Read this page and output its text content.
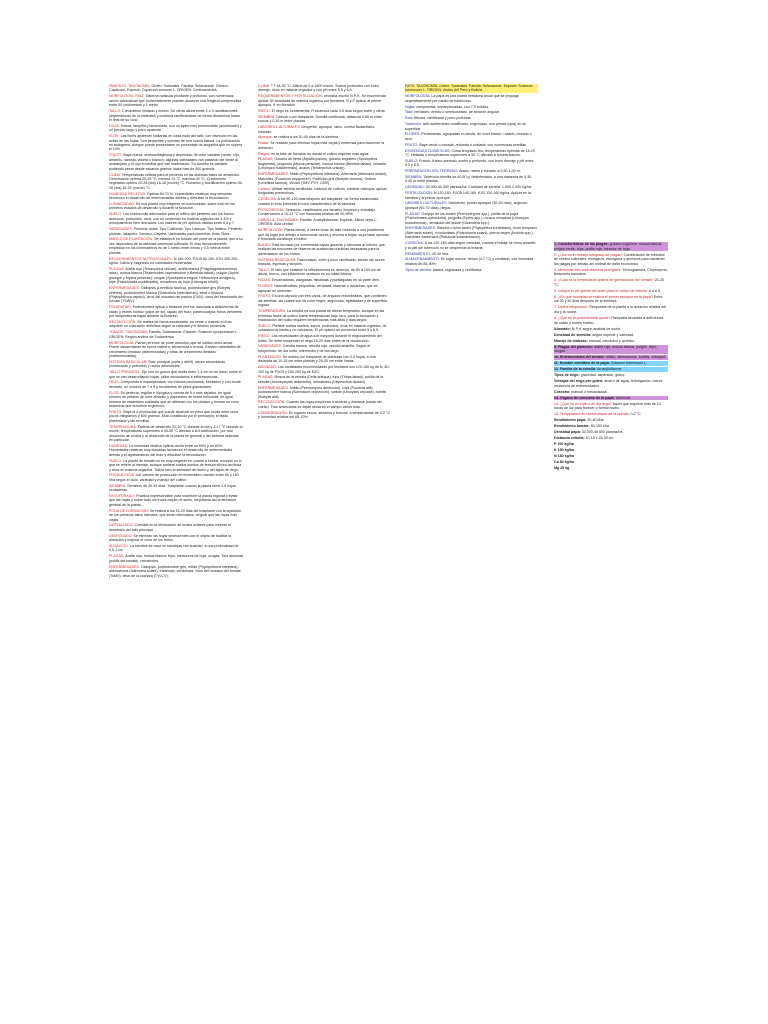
PIMIENTO, TAXONOMÍA: Orden: Solanales. Familia: Solanaceae. Género: Capsicum. Especie: Capsicum annuum L. ORIGEN: Centroamérica.

MORFOLOGÍA: RAÍZ: Sistema radicular pivotante y profundo, con numerosas raíces adventicias que horizontalmente pueden alcanzar una longitud comprendida entre 50 centímetros y 1 metro.

TALLO: Crecimiento limitado y erecto. De cierta altura emite 2 o 3 ramificaciones (dependiendo de la variedad) y continúa ramificándose de forma dicotómica hasta el final de su ciclo.

HOJA: Entera, lampiña y lanceolada, con un ápice muy pronunciado (acuminado) y un peciolo largo y poco aparente.

FLOR: Las flores aparecen solitarias en cada nudo del tallo, con inserción en las axilas de las hojas. Son pequeñas y constan de una corola blanca. La polinización es autógama, aunque puede presentarse un porcentaje de alogamia que no supera el 10%.

FRUTO: Baya hueca, semicartilaginosa y deprimida, de color variable (verde, rojo, amarillo, naranja, violeta o blanco); algunas variedades van pasando del verde al anaranjado y al rojo a medida que van madurando. Su tamaño es variable, pudiendo pesar desde escasos gramos hasta más de 500 gramos.

CLIMA: Temperaturas críticas para el pimiento en las distintas fases de desarrollo. Germinación óptima 20-25 °C, mínima 13 °C, máxima 40 °C. Crecimiento vegetativo óptimo 20-25 (día) 16-18 (noche) °C. Floración y fructificación óptimo 26-28 (día) 18-20 (noche) °C.

HUMEDAD RELATIVA: Óptima 50-70 %. Humedades relativas muy elevadas favorecen el desarrollo de enfermedades aéreas y dificultan la fecundación.

LUMINOSIDAD: Es una planta muy exigente en luminosidad, sobre todo en los primeros estados de desarrollo y durante la floración.

SUELO: Los suelos más adecuados para el cultivo del pimiento son los franco-arenosos, profundos, ricos, con un contenido en materia orgánica del 3-4% y principalmente bien drenados. Los valores de pH óptimos oscilan entre 6,5 y 7.

VARIEDADES: Pimiento dulce: Tipo California, Tipo Lamuyo, Tipo Italiano. Pimiento picante: Jalapeño, Serrano, Cayena. Variedades para pimentón: Bola, Ñora.

MARCO DE PLANTACIÓN: Se establece en función del porte de la planta, que a su vez dependerá de la variedad comercial cultivada. El más frecuentemente empleado en los invernaderos es de 1 metro entre líneas y 0,5 metros entre plantas.

REQUERIMIENTOS NUTRICIONALES: N 180-200, P2O5 80-100, K2O 200-250 kg/ha. Calcio y magnesio en cantidades moderadas.

PLAGAS: Araña roja (Tetranychus urticae), araña blanca (Polyphagotarsonemus latus), mosca blanca (Trialeurodes vaporariorum y Bemisia tabaci), pulgón (Aphis gossypii y Myzus persicae), orugas (Spodoptera exigua, Helicoverpa armigera), trips (Frankliniella occidentalis), minadores de hoja (Liriomyza trifolii).

ENFERMEDADES: Oidiopsis (Leveillula taurica), podredumbre gris (Botrytis cinerea), podredumbre blanca (Sclerotinia sclerotiorum), seca o tristeza (Phytophthora capsici), virus del mosaico del pepino (CMV), virus del bronceado del tomate (TSWV).

FISIOPATÍAS: Podredumbre apical o blossom end rot, asociada a deficiencias de calcio y estrés hídrico; golpe de sol; rajado del fruto; partenocarpia; frutos deformes por temperaturas bajas durante la floración.

RECOLECCIÓN: Se realiza de forma escalonada, en verde o cuando el fruto adquiere su coloración definitiva según la variedad y el destino comercial.

TOMATE, TAXONOMÍA: Familia: Solanaceae. Especie: Solanum lycopersicum L. ORIGEN: Región andina de Sudamérica.

MORFOLOGÍA: Planta perenne de porte arbustivo que se cultiva como anual. Puede desarrollarse de forma rastrera, semierecta o erecta. Existen variedades de crecimiento limitado (determinadas) y otras de crecimiento ilimitado (indeterminadas).

SISTEMA RADICULAR: Raíz principal (corta y débil), raíces secundarias (numerosas y potentes) y raíces adventicias.

TALLO PRINCIPAL: Eje con un grosor que oscila entre 2-4 cm en su base, sobre el que se van desarrollando hojas, tallos secundarios e inflorescencias.

HOJA: Compuesta e imparipinnada, con foliolos peciolados, lobulados y con borde dentado, en número de 7 a 9 y recubiertos de pelos glandulares.

FLOR: Es perfecta, regular e hipógina y consta de 5 o más sépalos, de igual número de pétalos de color amarillo y dispuestos de forma helicoidal, de igual número de estambres soldados que se alternan con los pétalos y forman un cono estaminal que envuelve al gineceo.

FRUTO: Baya bi o plurilocular que puede alcanzar un peso que oscila entre unos pocos miligramos y 600 gramos. Está constituido por el pericarpio, el tejido placentario y las semillas.

TEMPERATURA: Óptima de desarrollo 20-30 °C durante el día y 1-17 °C durante la noche; temperaturas superiores a 30-35 °C afectan a la fructificación, por mal desarrollo de óvulos y al desarrollo de la planta en general y del sistema radicular en particular.

HUMEDAD: La humedad relativa óptima oscila entre un 60% y un 80%. Humedades relativas muy elevadas favorecen el desarrollo de enfermedades aéreas y el agrietamiento del fruto y dificultan la fecundación.

SUELO: La planta de tomate no es muy exigente en cuanto a suelos, excepto en lo que se refiere al drenaje, aunque prefiere suelos sueltos de textura silíceo-arcillosa y ricos en materia orgánica. Tolera bien la salinidad del suelo y del agua de riego.

PRODUCCIÓN: Los valores de producción en invernadero oscilan entre 80 y 150 t/ha según el ciclo, variedad y manejo del cultivo.

SIEMBRA: Semillero de 30-45 días. Trasplante cuando la planta tiene 4-5 hojas verdaderas.

ENTUTORADO: Práctica imprescindible para mantener la planta erguida y evitar que las hojas y sobre todo los frutos toquen el suelo, mejorando así la aireación general de la planta.

PODA DE FORMACIÓN: Se realiza a los 15-20 días del trasplante con la aparición de los primeros tallos laterales, que serán eliminados, al igual que las hojas más viejas.

DESTALLADO: Consiste en la eliminación de brotes axilares para mejorar el desarrollo del tallo principal.

DESHOJADO: Se eliminan las hojas senescentes con el objeto de facilitar la aireación y mejorar el color de los frutos.

ALMÁCIGO: La siembra se hace en bandejas con sustrato, a una profundidad de 0,5-1 cm.

PLAGAS: Araña roja, mosca blanca, trips, minadores de hoja, orugas, Tuta absoluta (polilla del tomate), nematodos.

ENFERMEDADES: Oidiopsis, podredumbre gris, mildiu (Phytophthora infestans), alternariosis (Alternaria solani), fusariosis, verticilosis, virus del mosaico del tomate (ToMV), virus de la cuchara (TYLCV).

CLIMA: T ª 16-30 °C. Altitud de 0 a 1500 msnm. Suelos profundos con buen drenaje, ricos en materia orgánica y con pH entre 5,5 y 6,8.

REQUERIMIENTOS Y FERTILIZACIÓN: necesita mucho N-P-K. Se recomienda aplicar 30 toneladas de materia orgánica por hectárea, N y P aplicar al primer aporque, K en floración.

RIEGO: El riego es fundamental. Frecuencia cada 3-5 días según suelo y clima.

SIEMBRA: Directa o por trasplante. Semilla certificada, distancia 0,80 m entre surcos y 0,30 m entre plantas.

LABORES CULTURALES: Desyerbe, aporque, raleo, control fitosanitario, tutorado.

Aporque: se realiza a los 30-40 días de la siembra.

Podas: Se realizan para eliminar hojas más viejas y enfermas para favorecer la aireación.

Riegos: en la fase de floración es donde el cultivo requiere más agua.

PLAGAS: Gusano de tierra (Agrotis ipsilon), gusano cogollero (Spodoptera frugiperda), pulgones (Myzus persicae), mosca blanca (Bemisia tabaci), minador (Liriomyza huidobrensis), ácaros (Tetranychus urticae).

ENFERMEDADES: Mildiu (Phytophthora infestans), Alternaria (Alternaria solani), Marchitez (Fusarium oxysporum), Pudrición gris (Botrytis cinerea), Oídium (Leveillula taurica), Virosis (TMV, PVY, CMV).

Control: Utilizar semilla certificada, rotación de cultivos, eliminar rastrojos, aplicar fungicidas preventivos.

COSECHA: A los 90-120 días después del trasplante, de forma escalonada, cuando el fruto presenta el color característico de la variedad.

POSCOSECHA: Selección, clasificación por tamaño, limpieza y embalaje. Conservación a 10-13 °C con humedad relativa del 90-95%.

CEBOLLA, TAXONOMÍA: Familia: Amaryllidaceae. Especie: Allium cepa L. ORIGEN: Asia central.

MORFOLOGÍA: Planta bienal, a veces vivaz de tallo reducido a una plataforma que da lugar por debajo a numerosas raíces y encima a hojas, cuya base carnosa e hinchada constituye el bulbo.

BULBO: Está formado por numerosas capas gruesas y carnosas al interior, que realizan las funciones de reserva de sustancias nutritivas necesarias para la alimentación de los brotes.

SISTEMA RADICULAR: Fasciculado, corto y poco ramificado; siendo las raíces blancas, espesas y simples.

TALLO: El tallo que sostiene la inflorescencia es derecho, de 80 a 150 cm de altura, hueco, con inflamiento ventrudo en su mitad inferior.

HOJAS: Envainadoras, alargadas, fistulosas y puntiagudas en su parte libre.

FLORES: Hermafroditas, pequeñas, verdosas, blancas o violáceas, que se agrupan en umbelas.

FRUTO: Es una cápsula con tres caras, de ángulos redondeados, que contienen las semillas, las cuales son de color negro, angulosas, aplastadas y de superficie rugosa.

TEMPERATURA: La cebolla es una planta de climas templados, aunque en las primeras fases de cultivo tolera temperaturas bajo cero, para la formación y maduración del bulbo requiere temperaturas más altas y días largos.

SUELO: Prefiere suelos sueltos, sanos, profundos, ricos en materia orgánica, de consistencia media y no calcáreos. El pH óptimo se encuentra entre 6 y 6,5.

RIEGO: Las necesidades de agua son mayores durante el engrosamiento del bulbo. Se debe suspender el riego 15-20 días antes de la recolección.

VARIEDADES: Cebolla blanca, cebolla roja, cebolla amarilla. Según el fotoperiodo: de día corto, intermedio y de día largo.

PLANTACIÓN: Se realiza por trasplante de plántulas con 3-4 hojas, a una distancia de 10-15 cm entre plantas y 25-30 cm entre líneas.

ABONADO: Las cantidades recomendadas por hectárea son 120-150 kg de N, 80-100 kg de P2O5 y 150-200 kg de K2O.

PLAGAS: Mosca de la cebolla (Delia antiqua), trips (Thrips tabaci), polilla de la cebolla (Acrolepiopsis assectella), nematodos (Ditylenchus dipsaci).

ENFERMEDADES: Mildiu (Peronospora destructor), roya (Puccinia allii), podredumbre blanca (Sclerotium cepivorum), carbón (Urocystis cepulae), botritis (Botrytis allii).

RECOLECCIÓN: Cuando las hojas empiezan a secarse y doblarse (caída del cuello). Tras arrancarlas se dejan secar en el campo varios días.

CONSERVACIÓN: En lugares secos, aireados y frescos, a temperaturas de 0-2 °C y humedad relativa del 65-70%.

PAPA, TAXONOMÍA: Orden: Solanales. Familia: Solanaceae. Especie: Solanum tuberosum L. ORIGEN: Andes del Perú y Bolivia.

MORFOLOGÍA: La papa es una planta herbácea anual que se propaga vegetativamente por medio de tubérculos.

Hojas: compuestas, imparipinnadas, con 7-9 foliolos.

Tallo: herbáceo, erecto o semipostrado, de sección angular.

Raíz: fibrosa, ramificada y poco profunda.

Tubérculo: tallo subterráneo modificado, engrosado, con yemas (ojos) en su superficie.

FLORES: Pentámeras, agrupadas en cimas, de color blanco, rosado, morado o azul.

FRUTO: Baya verde o morada, redonda u ovalada, con numerosas semillas.

EXIGENCIAS CLIMÁTICAS: Clima templado-frío; temperaturas óptimas de 15-20 °C. Heladas y temperaturas superiores a 30 °C afectan a la tuberización.

SUELO: Franco, franco-arenoso, suelto y profundo, con buen drenaje y pH entre 5,0 y 6,5.

PREPARACIÓN DEL TERRENO: Arado, rastra y surcado a 0,90-1,00 m.

SIEMBRA: Tubérculo-semilla de 40-60 g, desinfectado, a una distancia de 0,30-0,40 m entre plantas.

DENSIDAD: 30.000-40.000 plantas/ha. Cantidad de semilla: 1.500-2.000 kg/ha.

FERTILIZACIÓN: N 120-160, P2O5 140-180, K2O 120-160 kg/ha. Aplicar en la siembra y al primer aporque.

LABORES CULTURALES: Deshierbo, primer aporque (30-40 días), segundo aporque (60-70 días), riegos.

PLAGAS: Gorgojo de los Andes (Premnotrypes spp.), polilla de la papa (Phthorimaea operculella), pulguilla (Epitrix spp.), mosca minadora (Liriomyza huidobrensis), nematodo del quiste (Globodera spp.).

ENFERMEDADES: Rancha o tizón tardío (Phytophthora infestans), tizón temprano (Alternaria solani), rizoctoniasis (Rhizoctonia solani), pierna negra (Erwinia spp.), marchitez bacteriana (Ralstonia solanacearum).

COSECHA: A los 120-180 días según variedad, cuando el follaje se torna amarillo y la piel del tubérculo no se desprende al frotarla.

RENDIMIENTO: 20-40 t/ha.

ALMACENAMIENTO: En lugar oscuro, fresco (4-7 °C) y ventilado, con humedad relativa del 85-90%.

Tipos de semilla: básica, registrada y certificada.

1. Características de las plagas: gusano cogollero, mosca blanca, pulgón verde, trips, araña roja, minador de hoja.

2. ¿Qué es el manejo integrado de plagas? Combinación de métodos de control culturales, biológicos, etológicos y químicos para mantener las plagas por debajo del umbral de daño económico.

3. Mencione tres controladores biológicos: Trichogramma, Chrysoperla, Beauveria bassiana.

4. ¿Cuál es la temperatura óptima de germinación del tomate? 20-25 °C.

5. Indique el pH óptimo del suelo para el cultivo de cebolla: 6 a 6,5.

6. ¿En qué momento se realiza el primer aporque de la papa? Entre los 30 y 40 días después de la siembra.

7. Defina fotoperiodo: Respuesta de la planta a la duración relativa del día y la noche.

8. ¿Qué es la podredumbre apical? Fisiopatía asociada a deficiencia de calcio y estrés hídrico.

Abonado: N-P-K según análisis de suelo.

Densidad de siembra: según especie y variedad.

Manejo de malezas: manual, mecánico y químico.

9. Plagas del pimiento: araña roja, mosca blanca, pulgón, trips, orugas.

10. Enfermedades del tomate: mildiu, alternariosis, botritis, oidiopsis.

11. Nombre científico de la papa: Solanum tuberosum L.

12. Familia de la cebolla: Amaryllidaceae.

Tipos de riego: gravedad, aspersión, goteo.

Ventajas del riego por goteo: ahorro de agua, fertirrigación, menor incidencia de enfermedades.

Cosecha: manual o mecanizada.

13. Órgano de consumo de la papa: tubérculo.

14. ¿Qué es un cultivo de día largo? Aquel que requiere más de 12 horas de luz para florecer o formar bulbo.

15. Temperatura de conservación de la cebolla: 0-2 °C.

Rendimiento papa: 20-40 t/ha

Rendimiento tomate: 80-150 t/ha

Densidad papa: 30.000-40.000 plantas/ha

Distancia cebolla: 10-15 x 25-30 cm

P 100 kg/ha

K 150 kg/ha

N 180 kg/ha

Ca 80 kg/ha

Mg 25 kg
